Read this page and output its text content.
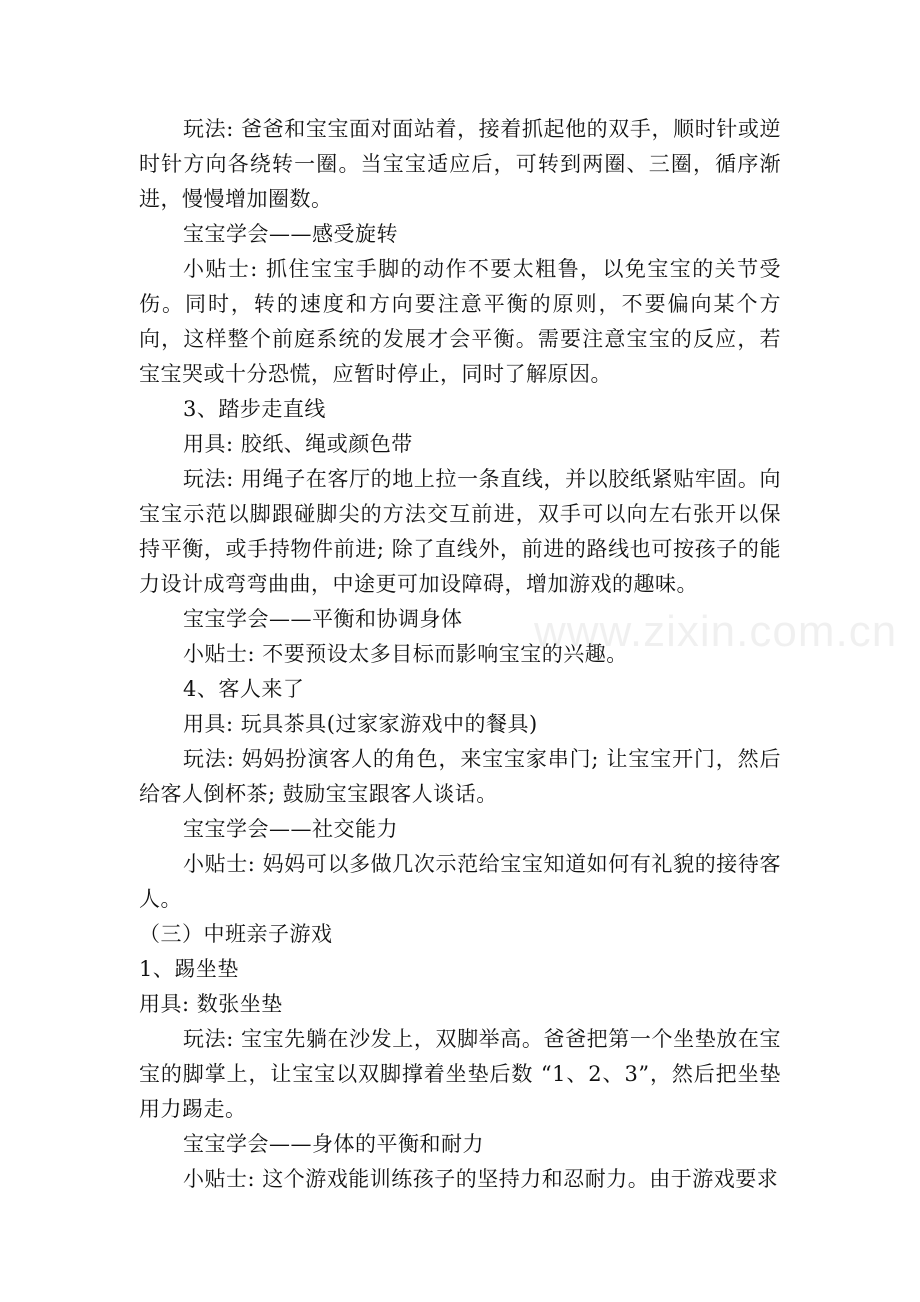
玩法: 爸爸和宝宝面对面站着，接着抓起他的双手，顺时针或逆时针方向各绕转一圈。当宝宝适应后，可转到两圈、三圈，循序渐进，慢慢增加圈数。

宝宝学会——感受旋转

小贴士: 抓住宝宝手脚的动作不要太粗鲁，以免宝宝的关节受伤。同时，转的速度和方向要注意平衡的原则，不要偏向某个方向，这样整个前庭系统的发展才会平衡。需要注意宝宝的反应，若宝宝哭或十分恐慌，应暂时停止，同时了解原因。

3、踏步走直线

用具: 胶纸、绳或颜色带

玩法: 用绳子在客厅的地上拉一条直线，并以胶纸紧贴牢固。向宝宝示范以脚跟碰脚尖的方法交互前进，双手可以向左右张开以保持平衡，或手持物件前进; 除了直线外，前进的路线也可按孩子的能力设计成弯弯曲曲，中途更可加设障碍，增加游戏的趣味。

宝宝学会——平衡和协调身体

小贴士: 不要预设太多目标而影响宝宝的兴趣。

4、客人来了

用具: 玩具茶具(过家家游戏中的餐具)

玩法: 妈妈扮演客人的角色，来宝宝家串门; 让宝宝开门，然后给客人倒杯茶; 鼓励宝宝跟客人谈话。

宝宝学会——社交能力

小贴士: 妈妈可以多做几次示范给宝宝知道如何有礼貌的接待客人。

（三）中班亲子游戏

1、踢坐垫

用具: 数张坐垫

玩法: 宝宝先躺在沙发上，双脚举高。爸爸把第一个坐垫放在宝宝的脚掌上，让宝宝以双脚撑着坐垫后数 “1、2、3”，然后把坐垫用力踢走。

宝宝学会——身体的平衡和耐力

小贴士: 这个游戏能训练孩子的坚持力和忍耐力。由于游戏要求

www.zixin.com.cn
